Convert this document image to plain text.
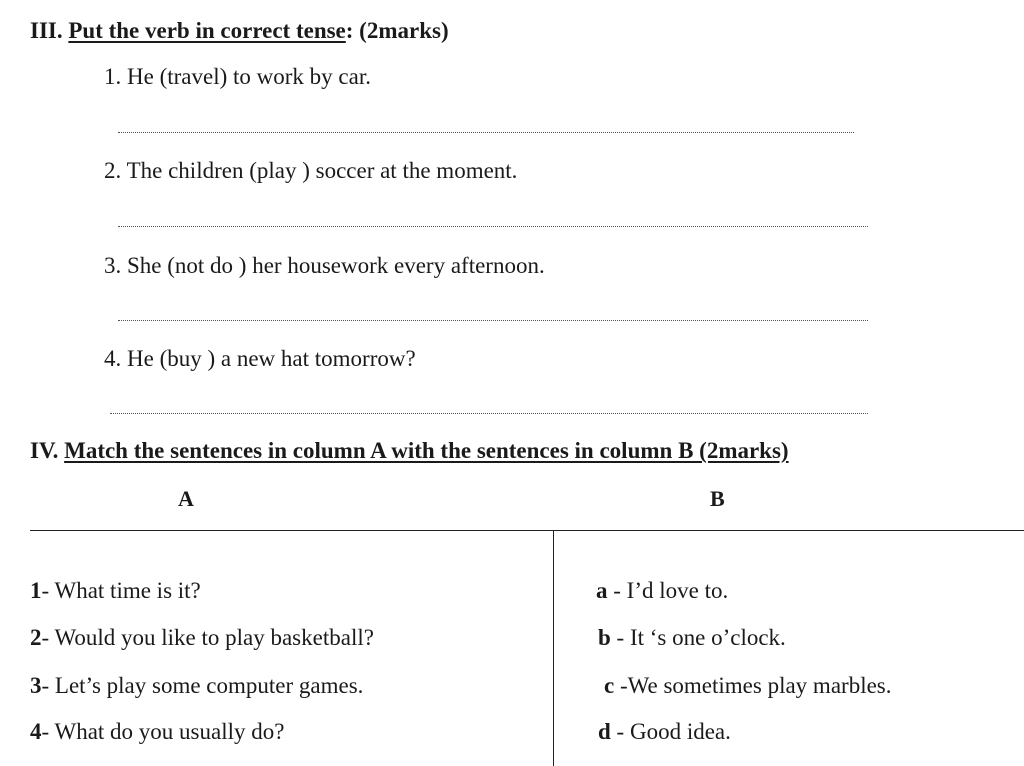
III. Put the verb in correct tense: (2marks)
1. He (travel) to work by car.
2. The children (play ) soccer at the moment.
3. She (not do ) her housework every afternoon.
4. He (buy ) a new hat tomorrow?
IV. Match the sentences in column A with the sentences in column B (2marks)
A	B
1- What time is it?
2- Would you like to play basketball?
3- Let’s play some computer games.
4- What do you usually do?
a - I’d love to.
b - It ‘s one o’clock.
c -We sometimes play marbles.
d - Good idea.
